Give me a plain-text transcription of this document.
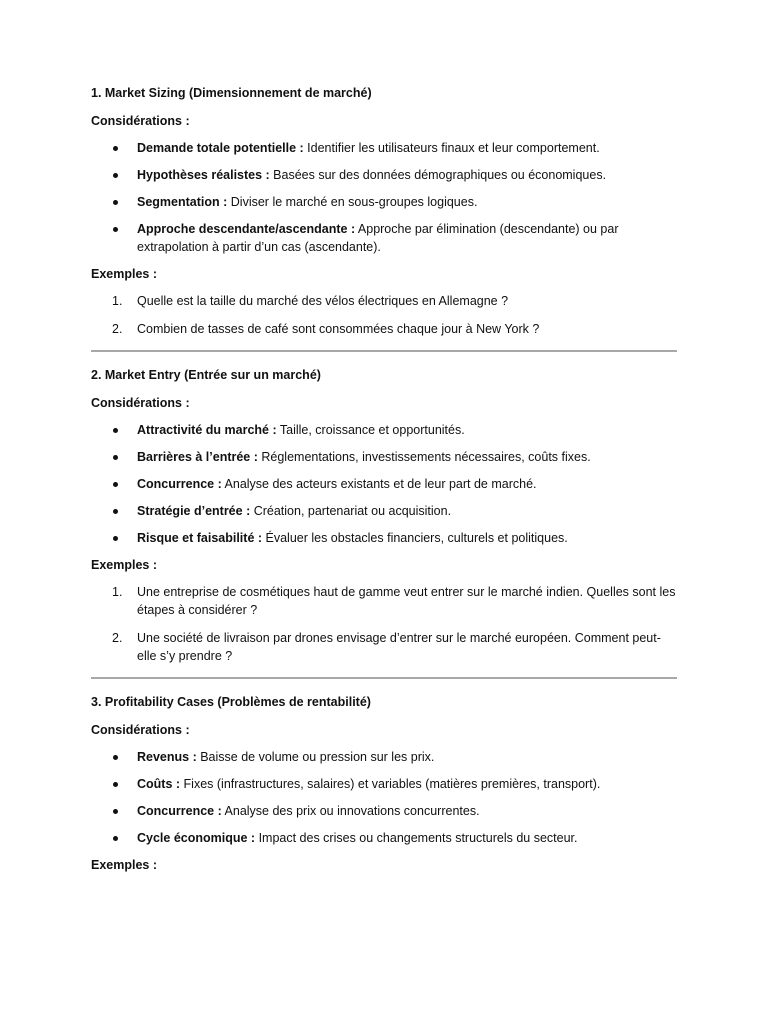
1. Market Sizing (Dimensionnement de marché)
Considérations :
Demande totale potentielle : Identifier les utilisateurs finaux et leur comportement.
Hypothèses réalistes : Basées sur des données démographiques ou économiques.
Segmentation : Diviser le marché en sous-groupes logiques.
Approche descendante/ascendante : Approche par élimination (descendante) ou par extrapolation à partir d’un cas (ascendante).
Exemples :
1. Quelle est la taille du marché des vélos électriques en Allemagne ?
2. Combien de tasses de café sont consommées chaque jour à New York ?
2. Market Entry (Entrée sur un marché)
Considérations :
Attractivité du marché : Taille, croissance et opportunités.
Barrières à l’entrée : Réglementations, investissements nécessaires, coûts fixes.
Concurrence : Analyse des acteurs existants et de leur part de marché.
Stratégie d’entrée : Création, partenariat ou acquisition.
Risque et faisabilité : Évaluer les obstacles financiers, culturels et politiques.
Exemples :
1. Une entreprise de cosmétiques haut de gamme veut entrer sur le marché indien. Quelles sont les étapes à considérer ?
2. Une société de livraison par drones envisage d’entrer sur le marché européen. Comment peut-elle s’y prendre ?
3. Profitability Cases (Problèmes de rentabilité)
Considérations :
Revenus : Baisse de volume ou pression sur les prix.
Coûts : Fixes (infrastructures, salaires) et variables (matières premières, transport).
Concurrence : Analyse des prix ou innovations concurrentes.
Cycle économique : Impact des crises ou changements structurels du secteur.
Exemples :
